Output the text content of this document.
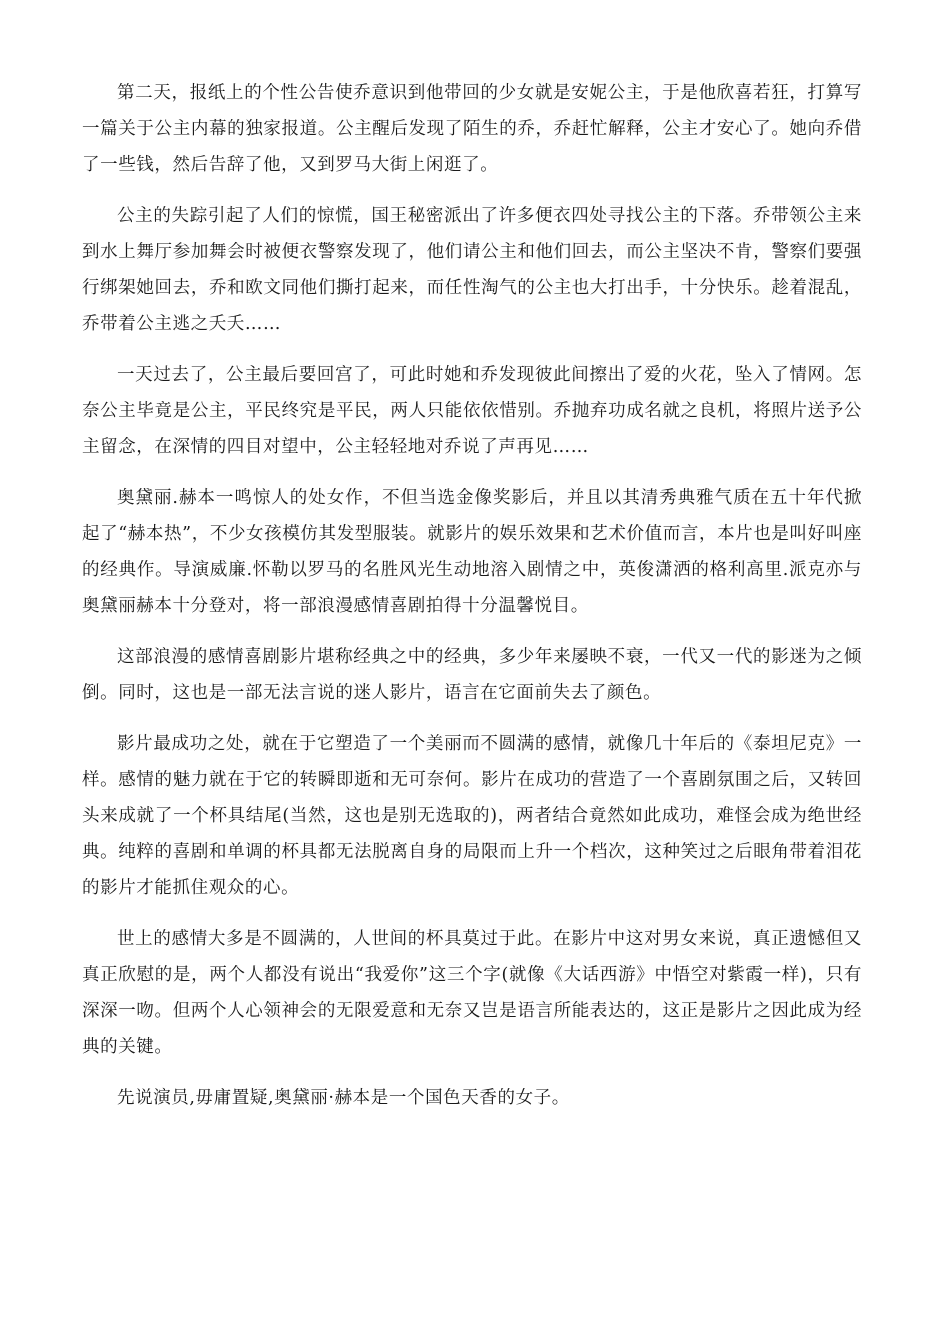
第二天，报纸上的个性公告使乔意识到他带回的少女就是安妮公主，于是他欣喜若狂，打算写一篇关于公主内幕的独家报道。公主醒后发现了陌生的乔，乔赶忙解释，公主才安心了。她向乔借了一些钱，然后告辞了他，又到罗马大街上闲逛了。

公主的失踪引起了人们的惊慌，国王秘密派出了许多便衣四处寻找公主的下落。乔带领公主来到水上舞厅参加舞会时被便衣警察发现了，他们请公主和他们回去，而公主坚决不肯，警察们要强行绑架她回去，乔和欧文同他们撕打起来，而任性淘气的公主也大打出手，十分快乐。趁着混乱，乔带着公主逃之夭夭……

一天过去了，公主最后要回宫了，可此时她和乔发现彼此间擦出了爱的火花，坠入了情网。怎奈公主毕竟是公主，平民终究是平民，两人只能依依惜别。乔抛弃功成名就之良机，将照片送予公主留念，在深情的四目对望中，公主轻轻地对乔说了声再见……

奥黛丽.赫本一鸣惊人的处女作，不但当选金像奖影后，并且以其清秀典雅气质在五十年代掀起了“赫本热”，不少女孩模仿其发型服装。就影片的娱乐效果和艺术价值而言，本片也是叫好叫座的经典作。导演威廉.怀勒以罗马的名胜风光生动地溶入剧情之中，英俊潇洒的格利高里.派克亦与奥黛丽赫本十分登对，将一部浪漫感情喜剧拍得十分温馨悦目。

这部浪漫的感情喜剧影片堪称经典之中的经典，多少年来屡映不衰，一代又一代的影迷为之倾倒。同时，这也是一部无法言说的迷人影片，语言在它面前失去了颜色。

影片最成功之处，就在于它塑造了一个美丽而不圆满的感情，就像几十年后的《泰坦尼克》一样。感情的魅力就在于它的转瞬即逝和无可奈何。影片在成功的营造了一个喜剧氛围之后，又转回头来成就了一个杯具结尾(当然，这也是别无选取的)，两者结合竟然如此成功，难怪会成为绝世经典。纯粹的喜剧和单调的杯具都无法脱离自身的局限而上升一个档次，这种笑过之后眼角带着泪花的影片才能抓住观众的心。

世上的感情大多是不圆满的，人世间的杯具莫过于此。在影片中这对男女来说，真正遗憾但又真正欣慰的是，两个人都没有说出“我爱你”这三个字(就像《大话西游》中悟空对紫霞一样)，只有深深一吻。但两个人心领神会的无限爱意和无奈又岂是语言所能表达的，这正是影片之因此成为经典的关键。

先说演员,毋庸置疑,奥黛丽·赫本是一个国色天香的女子。
